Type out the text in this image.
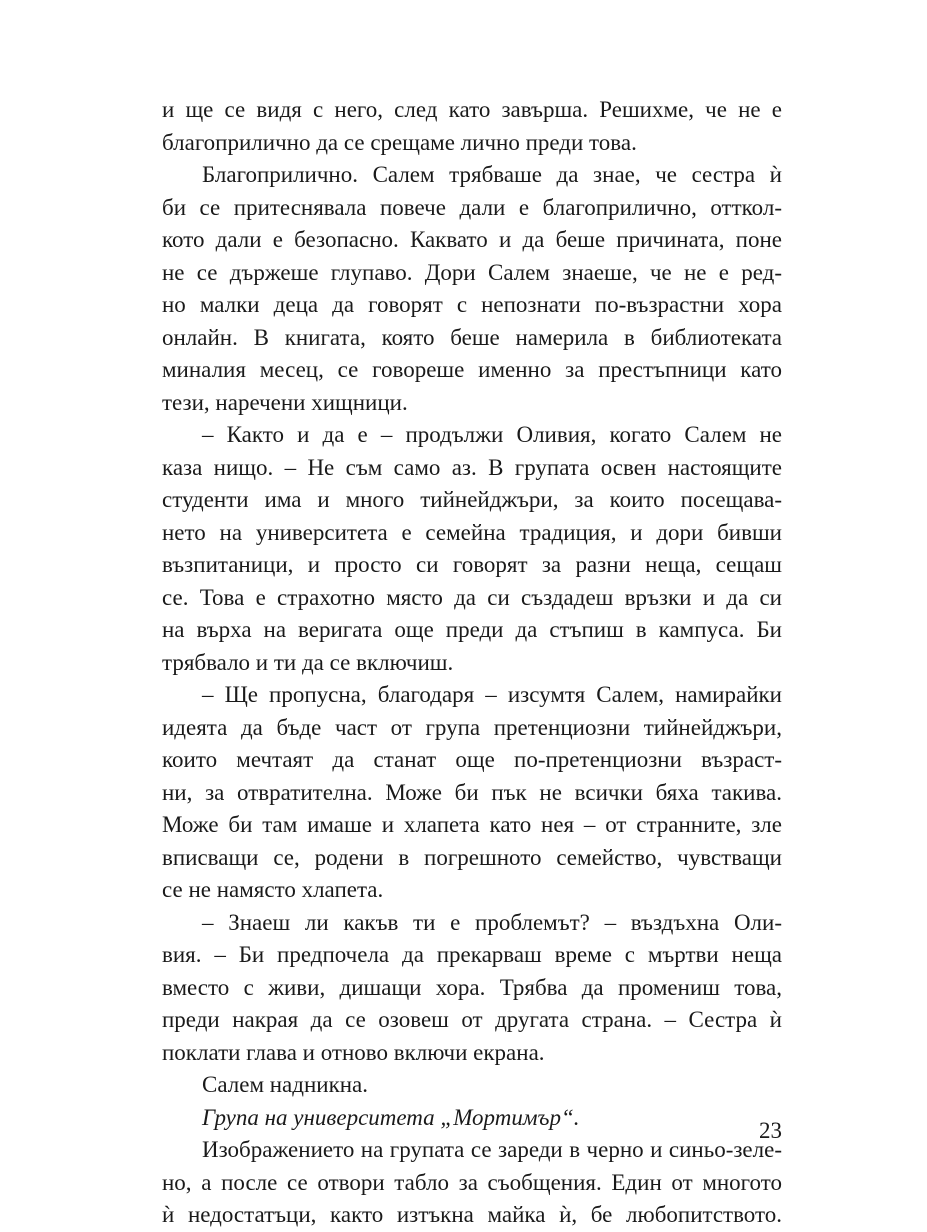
и ще се видя с него, след като завърша. Решихме, че не е
благоприлично да се срещаме лично преди това.
Благоприлично. Салем трябваше да знае, че сестра ѝ
би се притеснявала повече дали е благоприлично, отткол-
кото дали е безопасно. Каквато и да беше причината, поне
не се държеше глупаво. Дори Салем знаеше, че не е ред-
но малки деца да говорят с непознати по-възрастни хора
онлайн. В книгата, която беше намерила в библиотеката
миналия месец, се говореше именно за престъпници като
тези, наречени хищници.
– Както и да е – продължи Оливия, когато Салем не
каза нищо. – Не съм само аз. В групата освен настоящите
студенти има и много тийнейджъри, за които посещава-
нето на университета е семейна традиция, и дори бивши
възпитаници, и просто си говорят за разни неща, сещаш
се. Това е страхотно място да си създадеш връзки и да си
на върха на веригата още преди да стъпиш в кампуса. Би
трябвало и ти да се включиш.
– Ще пропусна, благодаря – изсумтя Салем, намирайки
идеята да бъде част от група претенциозни тийнейджъри,
които мечтаят да станат още по-претенциозни възраст-
ни, за отвратителна. Може би пък не всички бяха такива.
Може би там имаше и хлапета като нея – от странните, зле
вписващи се, родени в погрешното семейство, чувстващи
се не намясто хлапета.
– Знаеш ли какъв ти е проблемът? – въздъхна Оли-
вия. – Би предпочела да прекарваш време с мъртви неща
вместо с живи, дишащи хора. Трябва да промениш това,
преди накрая да се озовеш от другата страна. – Сестра ѝ
поклати глава и отново включи екрана.
Салем надникна.
Група на университета „Мортимър“.
Изображението на групата се зареди в черно и синьо-зеле-
но, а после се отвори табло за съобщения. Един от многото
ѝ недостатъци, както изтъкна майка ѝ, бе любопитството.
23
